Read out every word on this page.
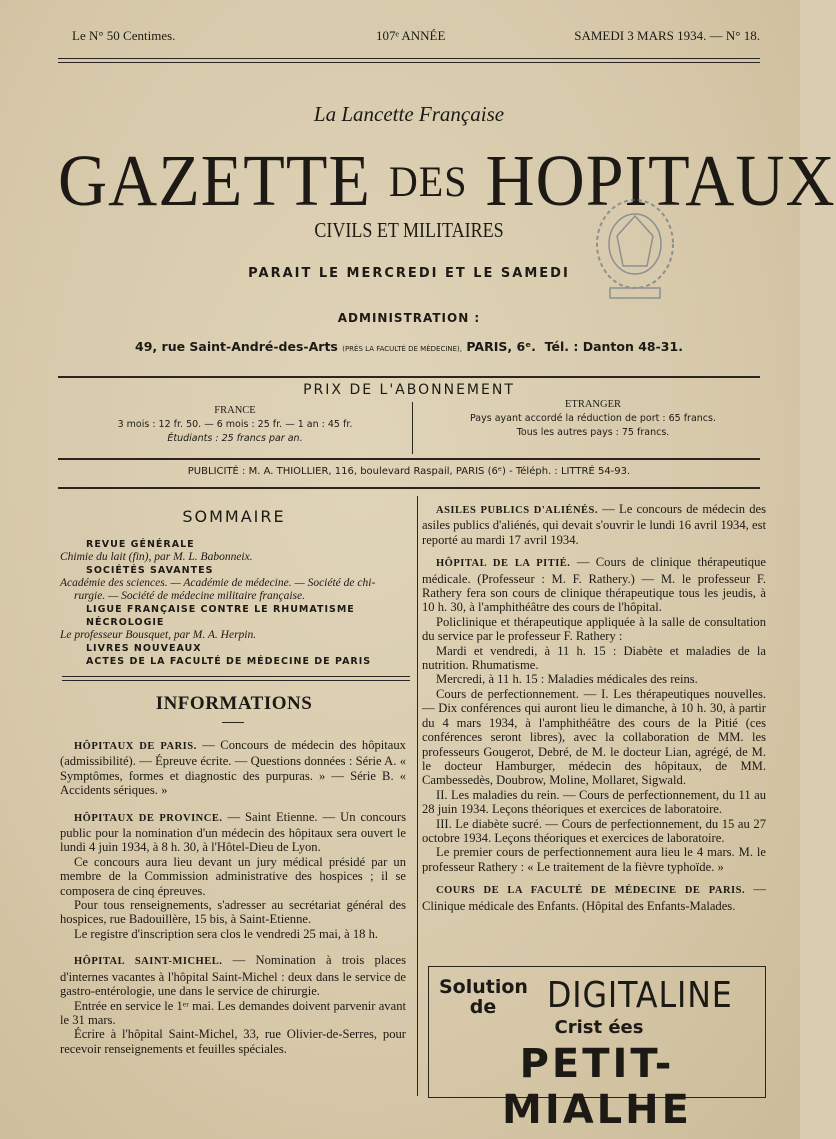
Le N° 50 Centimes.	107ᵉ ANNÉE	SAMEDI 3 MARS 1934. — N° 18.
La Lancette Française
GAZETTE DES HOPITAUX
CIVILS ET MILITAIRES
PARAIT LE MERCREDI ET LE SAMEDI
ADMINISTRATION :
49, rue Saint-André-des-Arts (PRÈS LA FACULTÉ DE MÉDECINE), PARIS, 6ᵉ. Tél. : Danton 48-31.
PRIX DE L'ABONNEMENT
FRANCE
3 mois : 12 fr. 50. — 6 mois : 25 fr. — 1 an : 45 fr.
Étudiants : 25 francs par an.
ETRANGER
Pays ayant accordé la réduction de port : 65 francs.
Tous les autres pays : 75 francs.
PUBLICITÉ : M. A. THIOLLIER, 116, boulevard Raspail, PARIS (6ᵉ) - Téléph. : LITTRÉ 54-93.
SOMMAIRE

REVUE GÉNÉRALE

Chimie du lait (fin), par M. L. Babonneix.

SOCIÉTÉS SAVANTES

Académie des sciences. — Académie de médecine. — Société de chi-

rurgie. — Société de médecine militaire française.

LIGUE FRANÇAISE CONTRE LE RHUMATISME

NÉCROLOGIE

Le professeur Bousquet, par M. A. Herpin.

LIVRES NOUVEAUX

ACTES DE LA FACULTÉ DE MÉDECINE DE PARIS

INFORMATIONS

HÔPITAUX DE PARIS. — Concours de médecin des hôpitaux (admissibilité). — Épreuve écrite. — Questions données : Série A. « Symptômes, formes et diagnostic des purpuras. » — Série B. « Accidents sériques. »

HÔPITAUX DE PROVINCE. — Saint Etienne. — Un concours public pour la nomination d'un médecin des hôpitaux sera ouvert le lundi 4 juin 1934, à 8 h. 30, à l'Hôtel-Dieu de Lyon.

Ce concours aura lieu devant un jury médical présidé par un membre de la Commission administrative des hospices ; il se composera de cinq épreuves.

Pour tous renseignements, s'adresser au secrétariat général des hospices, rue Badouillère, 15 bis, à Saint-Etienne.

Le registre d'inscription sera clos le vendredi 25 mai, à 18 h.

HÔPITAL SAINT-MICHEL. — Nomination à trois places d'internes vacantes à l'hôpital Saint-Michel : deux dans le service de gastro-entérologie, une dans le service de chirurgie.

Entrée en service le 1ᵉʳ mai. Les demandes doivent parvenir avant le 31 mars.

Écrire à l'hôpital Saint-Michel, 33, rue Olivier-de-Serres, pour recevoir renseignements et feuilles spéciales.

ASILES PUBLICS D'ALIÉNÉS. — Le concours de médecin des asiles publics d'aliénés, qui devait s'ouvrir le lundi 16 avril 1934, est reporté au mardi 17 avril 1934.

HÔPITAL DE LA PITIÉ. — Cours de clinique thérapeutique médicale. (Professeur : M. F. Rathery.) — M. le professeur F. Rathery fera son cours de clinique thérapeutique tous les jeudis, à 10 h. 30, à l'amphithéâtre des cours de l'hôpital.

Policlinique et thérapeutique appliquée à la salle de consultation du service par le professeur F. Rathery :

Mardi et vendredi, à 11 h. 15 : Diabète et maladies de la nutrition. Rhumatisme.

Mercredi, à 11 h. 15 : Maladies médicales des reins.

Cours de perfectionnement. — I. Les thérapeutiques nouvelles. — Dix conférences qui auront lieu le dimanche, à 10 h. 30, à partir du 4 mars 1934, à l'amphithéâtre des cours de la Pitié (ces conférences seront libres), avec la collaboration de MM. les professeurs Gougerot, Debré, de M. le docteur Lian, agrégé, de M. le docteur Hamburger, médecin des hôpitaux, de MM. Cambessedès, Doubrow, Moline, Mollaret, Sigwald.

II. Les maladies du rein. — Cours de perfectionnement, du 11 au 28 juin 1934. Leçons théoriques et exercices de laboratoire.

III. Le diabète sucré. — Cours de perfectionnement, du 15 au 27 octobre 1934. Leçons théoriques et exercices de laboratoire.

Le premier cours de perfectionnement aura lieu le 4 mars. M. le professeur Rathery : « Le traitement de la fièvre typhoïde. »

COURS DE LA FACULTÉ DE MÉDECINE DE PARIS. — Clinique médicale des Enfants. (Hôpital des Enfants-Malades.

Solution
de	DIGITALINE
Crist ées
PETIT-MIALHE
